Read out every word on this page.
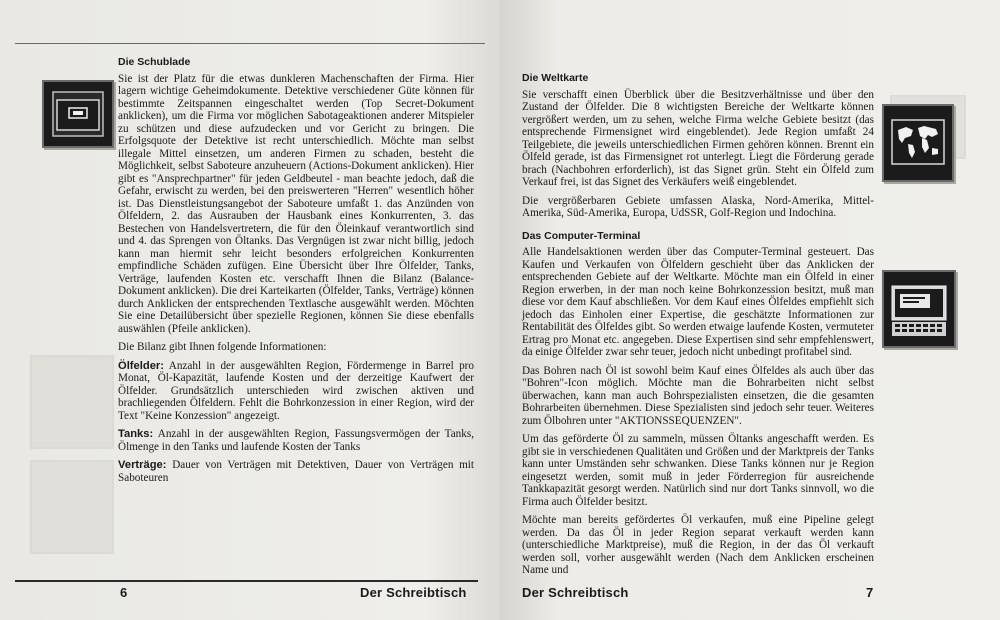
Die Schublade

Sie ist der Platz für die etwas dunkleren Machenschaften der Firma. Hier lagern wichtige Geheimdokumente. Detektive verschiedener Güte können für bestimmte Zeitspannen eingeschaltet werden (Top Secret-Dokument anklicken), um die Firma vor möglichen Sabotageaktionen anderer Mitspieler zu schützen und diese aufzudecken und vor Gericht zu bringen. Die Erfolgsquote der Detektive ist recht unterschiedlich. Möchte man selbst illegale Mittel einsetzen, um anderen Firmen zu schaden, besteht die Möglichkeit, selbst Saboteure anzuheuern (Actions-Dokument anklicken). Hier gibt es "Ansprechpartner" für jeden Geldbeutel - man beachte jedoch, daß die Gefahr, erwischt zu werden, bei den preiswerteren "Herren" wesentlich höher ist. Das Dienstleistungsangebot der Saboteure umfaßt 1. das Anzünden von Ölfeldern, 2. das Ausrauben der Hausbank eines Konkurrenten, 3. das Bestechen von Handelsvertretern, die für den Öleinkauf verantwortlich sind und 4. das Sprengen von Öltanks. Das Vergnügen ist zwar nicht billig, jedoch kann man hiermit sehr leicht besonders erfolgreichen Konkurrenten empfindliche Schäden zufügen. Eine Übersicht über Ihre Ölfelder, Tanks, Verträge, laufenden Kosten etc. verschafft Ihnen die Bilanz (Balance-Dokument anklicken). Die drei Karteikarten (Ölfelder, Tanks, Verträge) können durch Anklicken der entsprechenden Textlasche ausgewählt werden. Möchten Sie eine Detailübersicht über spezielle Regionen, können Sie diese ebenfalls auswählen (Pfeile anklicken).

Die Bilanz gibt Ihnen folgende Informationen:

Ölfelder: Anzahl in der ausgewählten Region, Fördermenge in Barrel pro Monat, Öl-Kapazität, laufende Kosten und der derzeitige Kaufwert der Ölfelder. Grundsätzlich unterschieden wird zwischen aktiven und brachliegenden Ölfeldern. Fehlt die Bohrkonzession in einer Region, wird der Text "Keine Konzession" angezeigt.

Tanks: Anzahl in der ausgewählten Region, Fassungsvermögen der Tanks, Ölmenge in den Tanks und laufende Kosten der Tanks

Verträge: Dauer von Verträgen mit Detektiven, Dauer von Verträgen mit Saboteuren

6	Der Schreibtisch
Die Weltkarte

Sie verschafft einen Überblick über die Besitzverhältnisse und über den Zustand der Ölfelder. Die 8 wichtigsten Bereiche der Weltkarte können vergrößert werden, um zu sehen, welche Firma welche Gebiete besitzt (das entsprechende Firmensignet wird eingeblendet). Jede Region umfaßt 24 Teilgebiete, die jeweils unterschiedlichen Firmen gehören können. Brennt ein Ölfeld gerade, ist das Firmensignet rot unterlegt. Liegt die Förderung gerade brach (Nachbohren erforderlich), ist das Signet grün. Steht ein Ölfeld zum Verkauf frei, ist das Signet des Verkäufers weiß eingeblendet.

Die vergrößerbaren Gebiete umfassen Alaska, Nord-Amerika, Mittel-Amerika, Süd-Amerika, Europa, UdSSR, Golf-Region und Indochina.

Das Computer-Terminal

Alle Handelsaktionen werden über das Computer-Terminal gesteuert. Das Kaufen und Verkaufen von Ölfeldern geschieht über das Anklicken der entsprechenden Gebiete auf der Weltkarte. Möchte man ein Ölfeld in einer Region erwerben, in der man noch keine Bohrkonzession besitzt, muß man diese vor dem Kauf abschließen. Vor dem Kauf eines Ölfeldes empfiehlt sich jedoch das Einholen einer Expertise, die geschätzte Informationen zur Rentabilität des Ölfeldes gibt. So werden etwaige laufende Kosten, vermuteter Ertrag pro Monat etc. angegeben. Diese Expertisen sind sehr empfehlenswert, da einige Ölfelder zwar sehr teuer, jedoch nicht unbedingt profitabel sind.

Das Bohren nach Öl ist sowohl beim Kauf eines Ölfeldes als auch über das "Bohren"-Icon möglich. Möchte man die Bohrarbeiten nicht selbst überwachen, kann man auch Bohrspezialisten einsetzen, die die gesamten Bohrarbeiten übernehmen. Diese Spezialisten sind jedoch sehr teuer. Weiteres zum Ölbohren unter "AKTIONSSEQUENZEN".

Um das geförderte Öl zu sammeln, müssen Öltanks angeschafft werden. Es gibt sie in verschiedenen Qualitäten und Größen und der Marktpreis der Tanks kann unter Umständen sehr schwanken. Diese Tanks können nur je Region eingesetzt werden, somit muß in jeder Förderregion für ausreichende Tankkapazität gesorgt werden. Natürlich sind nur dort Tanks sinnvoll, wo die Firma auch Ölfelder besitzt.

Möchte man bereits gefördertes Öl verkaufen, muß eine Pipeline gelegt werden. Da das Öl in jeder Region separat verkauft werden kann (unterschiedliche Marktpreise), muß die Region, in der das Öl verkauft werden soll, vorher ausgewählt werden (Nach dem Anklicken erscheinen Name und

Der Schreibtisch	7
